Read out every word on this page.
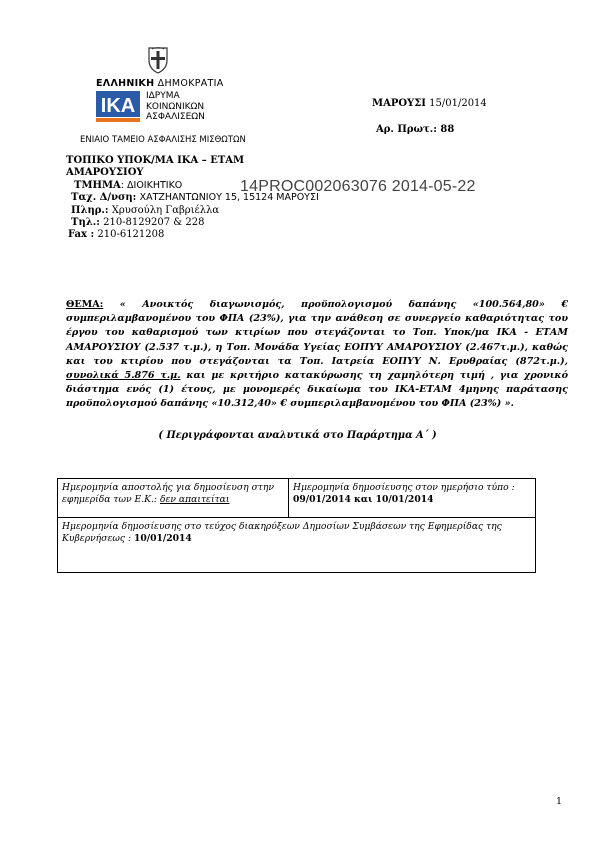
ΕΛΛΗΝΙΚΗ ΔΗΜΟΚΡΑΤΙΑ
ΙΚΑ ΙΔΡΥΜΑ
ΚΟΙΝΩΝΙΚΩΝ
ΑΣΦΑΛΙΣΕΩΝ
ΕΝΙΑΙΟ ΤΑΜΕΙΟ ΑΣΦΑΛΙΣΗΣ ΜΙΣΘΩΤΩΝ
ΜΑΡΟΥΣΙ 15/01/2014
Αρ. Πρωτ.: 88
ΤΟΠΙΚΟ ΥΠΟΚ/ΜΑ ΙΚΑ – ΕΤΑΜ
ΑΜΑΡΟΥΣΙΟΥ
ΤΜΗΜΑ: ΔΙΟΙΚΗΤΙΚΟ
Ταχ. Δ/νση: ΧΑΤΖΗΑΝΤΩΝΙΟΥ 15, 15124 ΜΑΡΟΥΣΙ
Πληρ.: Χρυσούλη Γαβριέλλα
Τηλ.: 210-8129207 & 228
Fax : 210-6121208
14PROC002063076 2014-05-22
ΘΕΜΑ: « Ανοικτός διαγωνισμός, προϋπολογισμού δαπάνης «100.564,80» € συμπεριλαμβανομένου του ΦΠΑ (23%), για την ανάθεση σε συνεργείο καθαριότητας του έργου του καθαρισμού των κτιρίων που στεγάζονται το Τοπ. Υποκ/μα ΙΚΑ - ΕΤΑΜ ΑΜΑΡΟΥΣΙΟΥ (2.537 τ.μ.), η Τοπ. Μονάδα Υγείας ΕΟΠΥΥ ΑΜΑΡΟΥΣΙΟΥ (2.467τ.μ.), καθώς και του κτιρίου που στεγάζονται τα Τοπ. Ιατρεία ΕΟΠΥΥ Ν. Ερυθραίας (872τ.μ.), συνολικά 5.876 τ.μ. και με κριτήριο κατακύρωσης τη χαμηλότερη τιμή , για χρονικό διάστημα ενός (1) έτους, με μονομερές δικαίωμα του ΙΚΑ-ΕΤΑΜ 4μηνης παράτασης προϋπολογισμού δαπάνης «10.312,40» € συμπεριλαμβανομένου του ΦΠΑ (23%) ».
( Περιγράφονται αναλυτικά στο Παράρτημα Α΄ )
Ημερομηνία αποστολής για δημοσίευση στην εφημερίδα των Ε.Κ.: δεν απαιτείται	Ημερομηνία δημοσίευσης στον ημερήσιο τύπο : 09/01/2014 και 10/01/2014
Ημερομηνία δημοσίευσης στο τεύχος διακηρύξεων Δημοσίων Συμβάσεων της Εφημερίδας της Κυβερνήσεως : 10/01/2014
1
